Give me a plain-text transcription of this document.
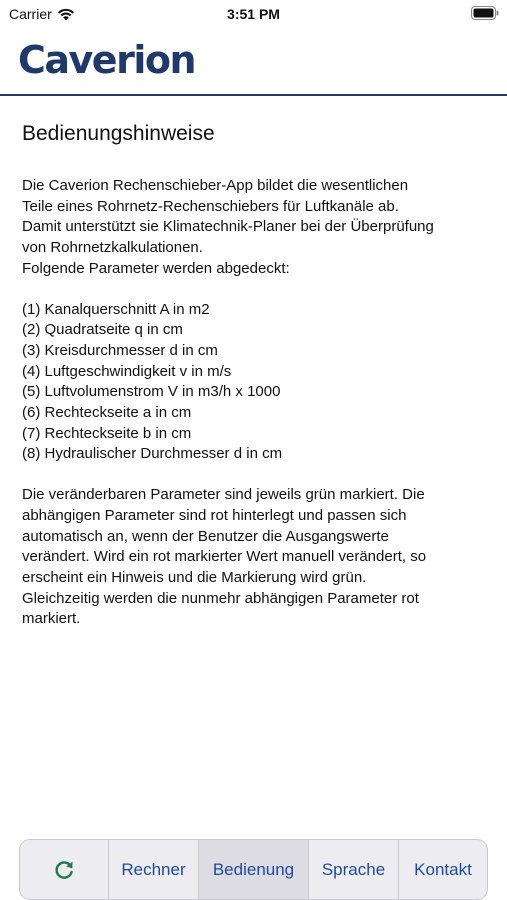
Carrier	3:51 PM
Caverion
Bedienungshinweise
Die Caverion Rechenschieber-App bildet die wesentlichen
Teile eines Rohrnetz-Rechenschiebers für Luftkanäle ab.
Damit unterstützt sie Klimatechnik-Planer bei der Überprüfung
von Rohrnetzkalkulationen.
Folgende Parameter werden abgedeckt:
(1) Kanalquerschnitt A in m2
(2) Quadratseite q in cm
(3) Kreisdurchmesser d in cm
(4) Luftgeschwindigkeit v in m/s
(5) Luftvolumenstrom V in m3/h x 1000
(6) Rechteckseite a in cm
(7) Rechteckseite b in cm
(8) Hydraulischer Durchmesser d in cm
Die veränderbaren Parameter sind jeweils grün markiert. Die
abhängigen Parameter sind rot hinterlegt und passen sich
automatisch an, wenn der Benutzer die Ausgangswerte
verändert. Wird ein rot markierter Wert manuell verändert, so
erscheint ein Hinweis und die Markierung wird grün.
Gleichzeitig werden die nunmehr abhängigen Parameter rot
markiert.
Rechner Bedienung Sprache Kontakt
